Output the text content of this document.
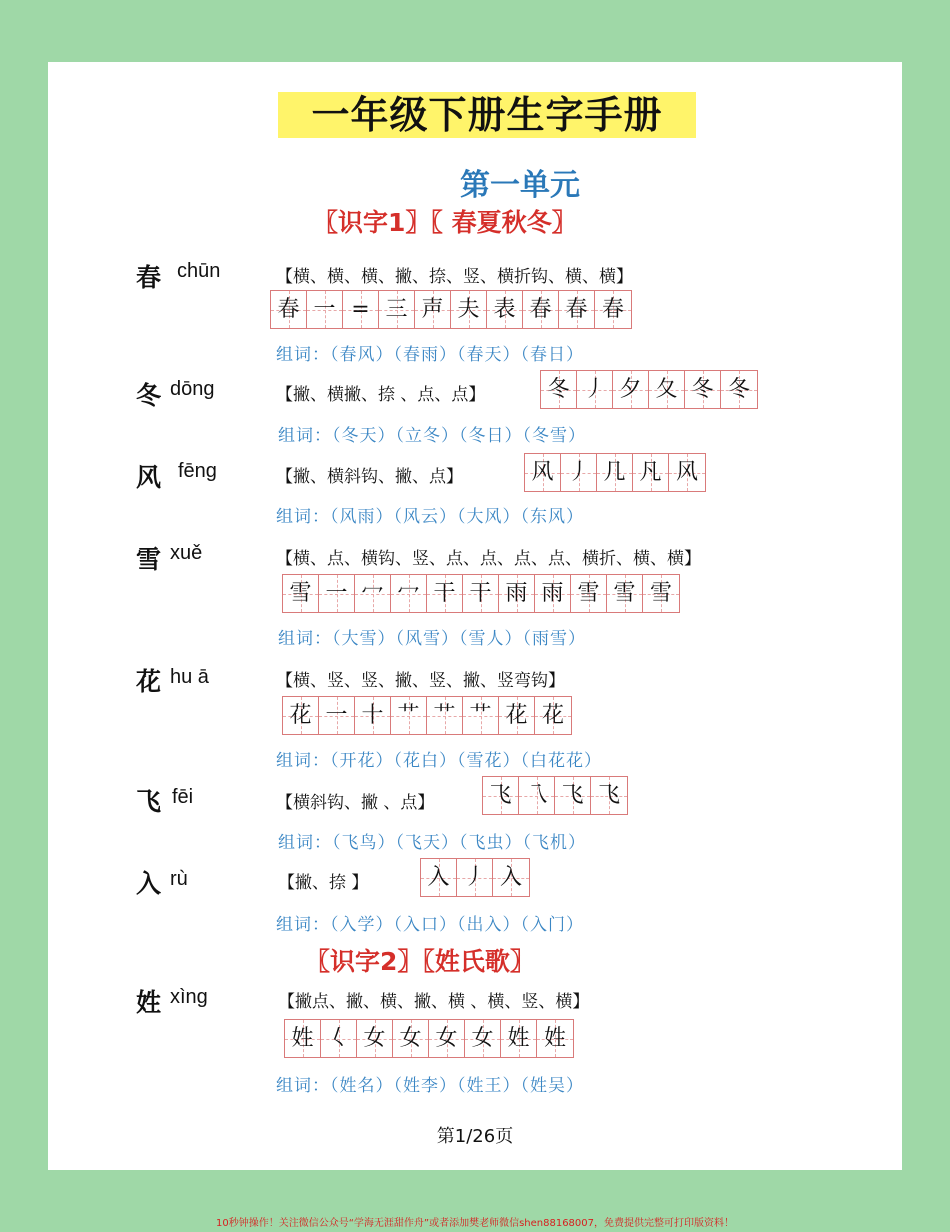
一年级下册生字手册
第一单元
〖识字1〗〖 春夏秋冬〗
〖识字2〗〖姓氏歌〗
春 chūn	【横、横、横、撇、捺、竖、横折钩、横、横】
春 一 = 三 声 夫 表 春 春 春
组词：（春风）（春雨）（春天）（春日）
冬 dōng	【撇、横撇、捺 、点、点】	冬 丿 夕 夂 冬 冬
组词：（冬天）（立冬）（冬日）（冬雪）
风 fēng	【撇、横斜钩、撇、点】	风 丿 几 凡 风
组词：（风雨）（风云）（大风）（东风）
雪 xuě	【横、点、横钩、竖、点、点、点、点、横折、横、横】
雪 一 冖 冖 干 干 雨 雨 雪 雪 雪
组词：（大雪）（风雪）（雪人）（雨雪）
花 hu ā	【横、竖、竖、撇、竖、撇、竖弯钩】
花 一 十 艹 艹 艹 花 花
组词：（开花）（花白）（雪花）（白花花）
飞 fēi	【横斜钩、撇 、点】	飞 乁 飞 飞
组词：（飞鸟）（飞天）（飞虫）（飞机）
入 rù	【撇、捺 】	入 丿 入
组词：（入学）（入口）（出入）（入门）
姓 xìng	【撇点、撇、横、撇、横 、横、竖、横】
姓 𡿨 女 女 女 女 姓 姓
组词：（姓名）（姓李）（姓王）（姓吴）
第1/26页
10秒钟操作！关注微信公众号“学海无涯甜作舟”或者添加樊老师微信shen88168007，免费提供完整可打印版资料！
